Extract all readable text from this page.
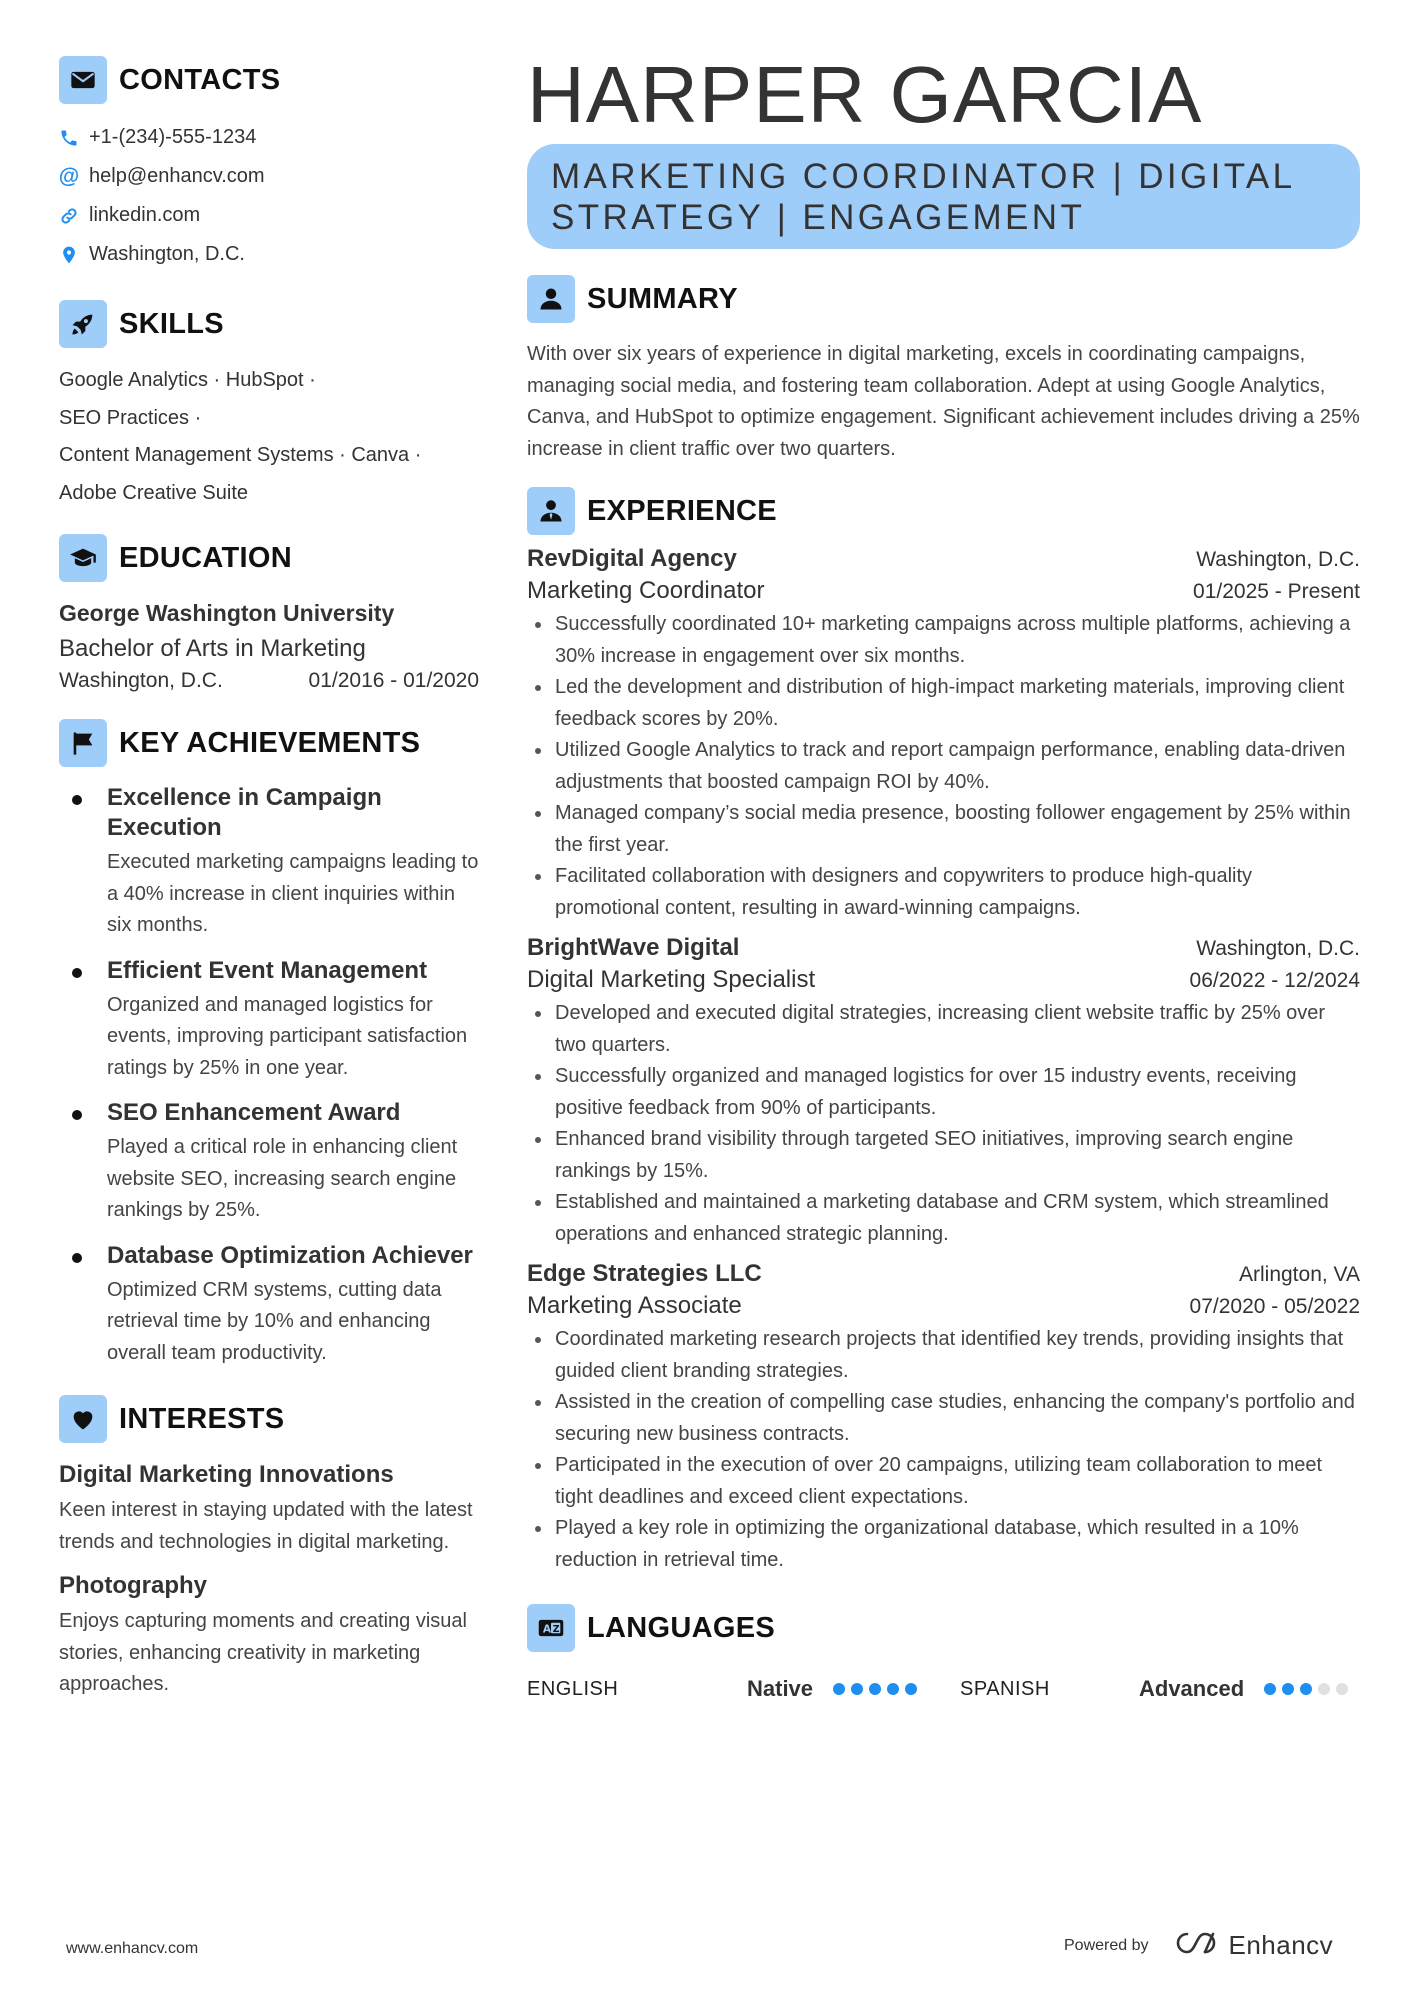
CONTACTS
+1-(234)-555-1234
@ help@enhancv.com
linkedin.com
Washington, D.C.
SKILLS
Google Analytics · HubSpot ·
SEO Practices ·
Content Management Systems · Canva ·
Adobe Creative Suite
EDUCATION
George Washington University
Bachelor of Arts in Marketing
Washington, D.C.	01/2016 - 01/2020
KEY ACHIEVEMENTS
Excellence in Campaign Execution
Executed marketing campaigns leading to a 40% increase in client inquiries within six months.
Efficient Event Management
Organized and managed logistics for events, improving participant satisfaction ratings by 25% in one year.
SEO Enhancement Award
Played a critical role in enhancing client website SEO, increasing search engine rankings by 25%.
Database Optimization Achiever
Optimized CRM systems, cutting data retrieval time by 10% and enhancing overall team productivity.
INTERESTS
Digital Marketing Innovations
Keen interest in staying updated with the latest trends and technologies in digital marketing.
Photography
Enjoys capturing moments and creating visual stories, enhancing creativity in marketing approaches.
HARPER GARCIA
MARKETING COORDINATOR | DIGITAL STRATEGY | ENGAGEMENT
SUMMARY
With over six years of experience in digital marketing, excels in coordinating campaigns, managing social media, and fostering team collaboration. Adept at using Google Analytics, Canva, and HubSpot to optimize engagement. Significant achievement includes driving a 25% increase in client traffic over two quarters.
EXPERIENCE
RevDigital Agency	Washington, D.C.
Marketing Coordinator	01/2025 - Present
Successfully coordinated 10+ marketing campaigns across multiple platforms, achieving a 30% increase in engagement over six months.
Led the development and distribution of high-impact marketing materials, improving client feedback scores by 20%.
Utilized Google Analytics to track and report campaign performance, enabling data-driven adjustments that boosted campaign ROI by 40%.
Managed company’s social media presence, boosting follower engagement by 25% within the first year.
Facilitated collaboration with designers and copywriters to produce high-quality promotional content, resulting in award-winning campaigns.
BrightWave Digital	Washington, D.C.
Digital Marketing Specialist	06/2022 - 12/2024
Developed and executed digital strategies, increasing client website traffic by 25% over two quarters.
Successfully organized and managed logistics for over 15 industry events, receiving positive feedback from 90% of participants.
Enhanced brand visibility through targeted SEO initiatives, improving search engine rankings by 15%.
Established and maintained a marketing database and CRM system, which streamlined operations and enhanced strategic planning.
Edge Strategies LLC	Arlington, VA
Marketing Associate	07/2020 - 05/2022
Coordinated marketing research projects that identified key trends, providing insights that guided client branding strategies.
Assisted in the creation of compelling case studies, enhancing the company's portfolio and securing new business contracts.
Participated in the execution of over 20 campaigns, utilizing team collaboration to meet tight deadlines and exceed client expectations.
Played a key role in optimizing the organizational database, which resulted in a 10% reduction in retrieval time.
A Z LANGUAGES
ENGLISH	Native	SPANISH	Advanced
www.enhancv.com	Powered by	Enhancv
